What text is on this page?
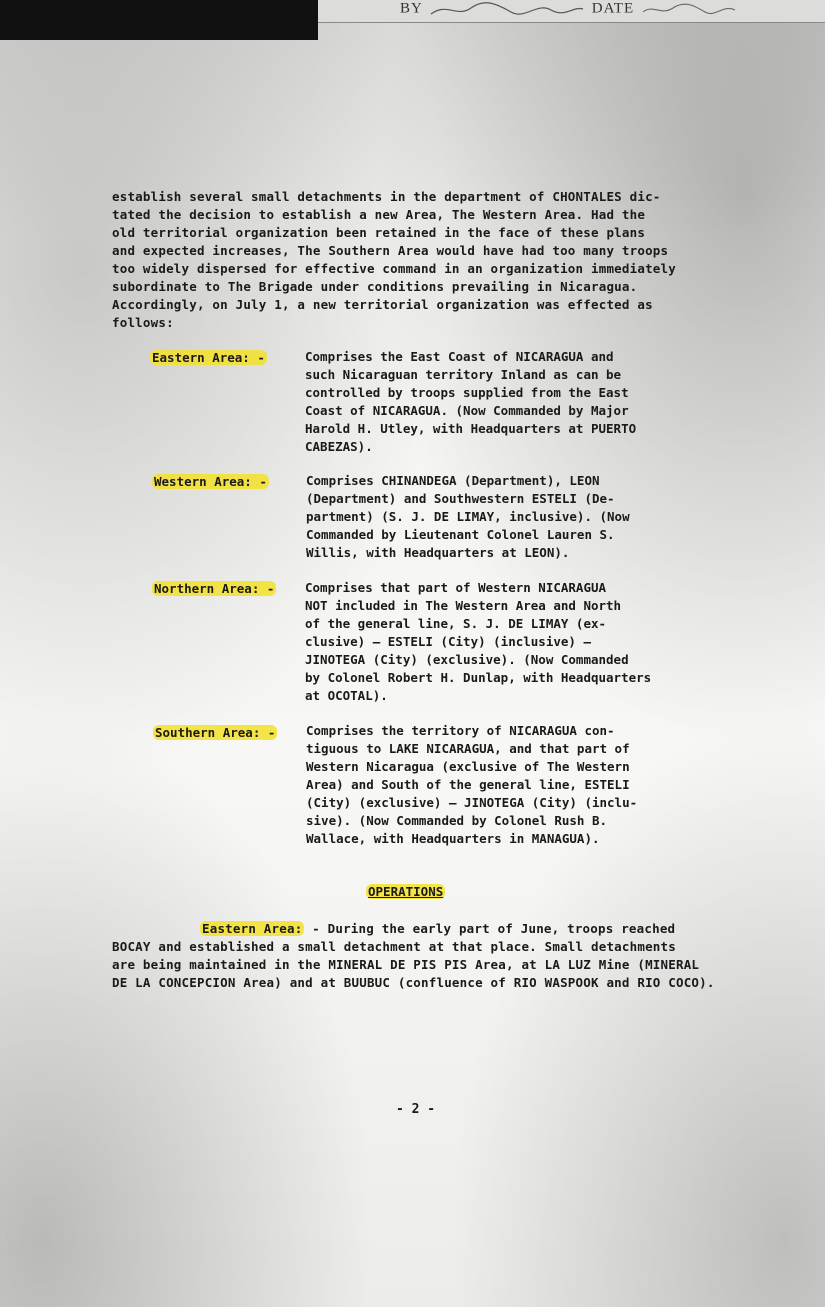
BY	DATE
establish several small detachments in the department of CHONTALES dic-
tated the decision to establish a new Area, The Western Area. Had the
old territorial organization been retained in the face of these plans
and expected increases, The Southern Area would have had too many troops
too widely dispersed for effective command in an organization immediately
subordinate to The Brigade under conditions prevailing in Nicaragua.
Accordingly, on July 1, a new territorial organization was effected as
follows:
Eastern Area: -	Comprises the East Coast of NICARAGUA and
such Nicaraguan territory Inland as can be
controlled by troops supplied from the East
Coast of NICARAGUA. (Now Commanded by Major
Harold H. Utley, with Headquarters at PUERTO
CABEZAS).
Western Area: -	Comprises CHINANDEGA (Department), LEON
(Department) and Southwestern ESTELI (De-
partment) (S. J. DE LIMAY, inclusive). (Now
Commanded by Lieutenant Colonel Lauren S.
Willis, with Headquarters at LEON).
Northern Area: - Comprises that part of Western NICARAGUA
NOT included in The Western Area and North
of the general line, S. J. DE LIMAY (ex-
clusive) — ESTELI (City) (inclusive) —
JINOTEGA (City) (exclusive). (Now Commanded
by Colonel Robert H. Dunlap, with Headquarters
at OCOTAL).
Southern Area: - Comprises the territory of NICARAGUA con-
tiguous to LAKE NICARAGUA, and that part of
Western Nicaragua (exclusive of The Western
Area) and South of the general line, ESTELI
(City) (exclusive) — JINOTEGA (City) (inclu-
sive). (Now Commanded by Colonel Rush B.
Wallace, with Headquarters in MANAGUA).
OPERATIONS
Eastern Area: - During the early part of June, troops reached
BOCAY and established a small detachment at that place. Small detachments
are being maintained in the MINERAL DE PIS PIS Area, at LA LUZ Mine (MINERAL
DE LA CONCEPCION Area) and at BUUBUC (confluence of RIO WASPOOK and RIO COCO).
- 2 -
